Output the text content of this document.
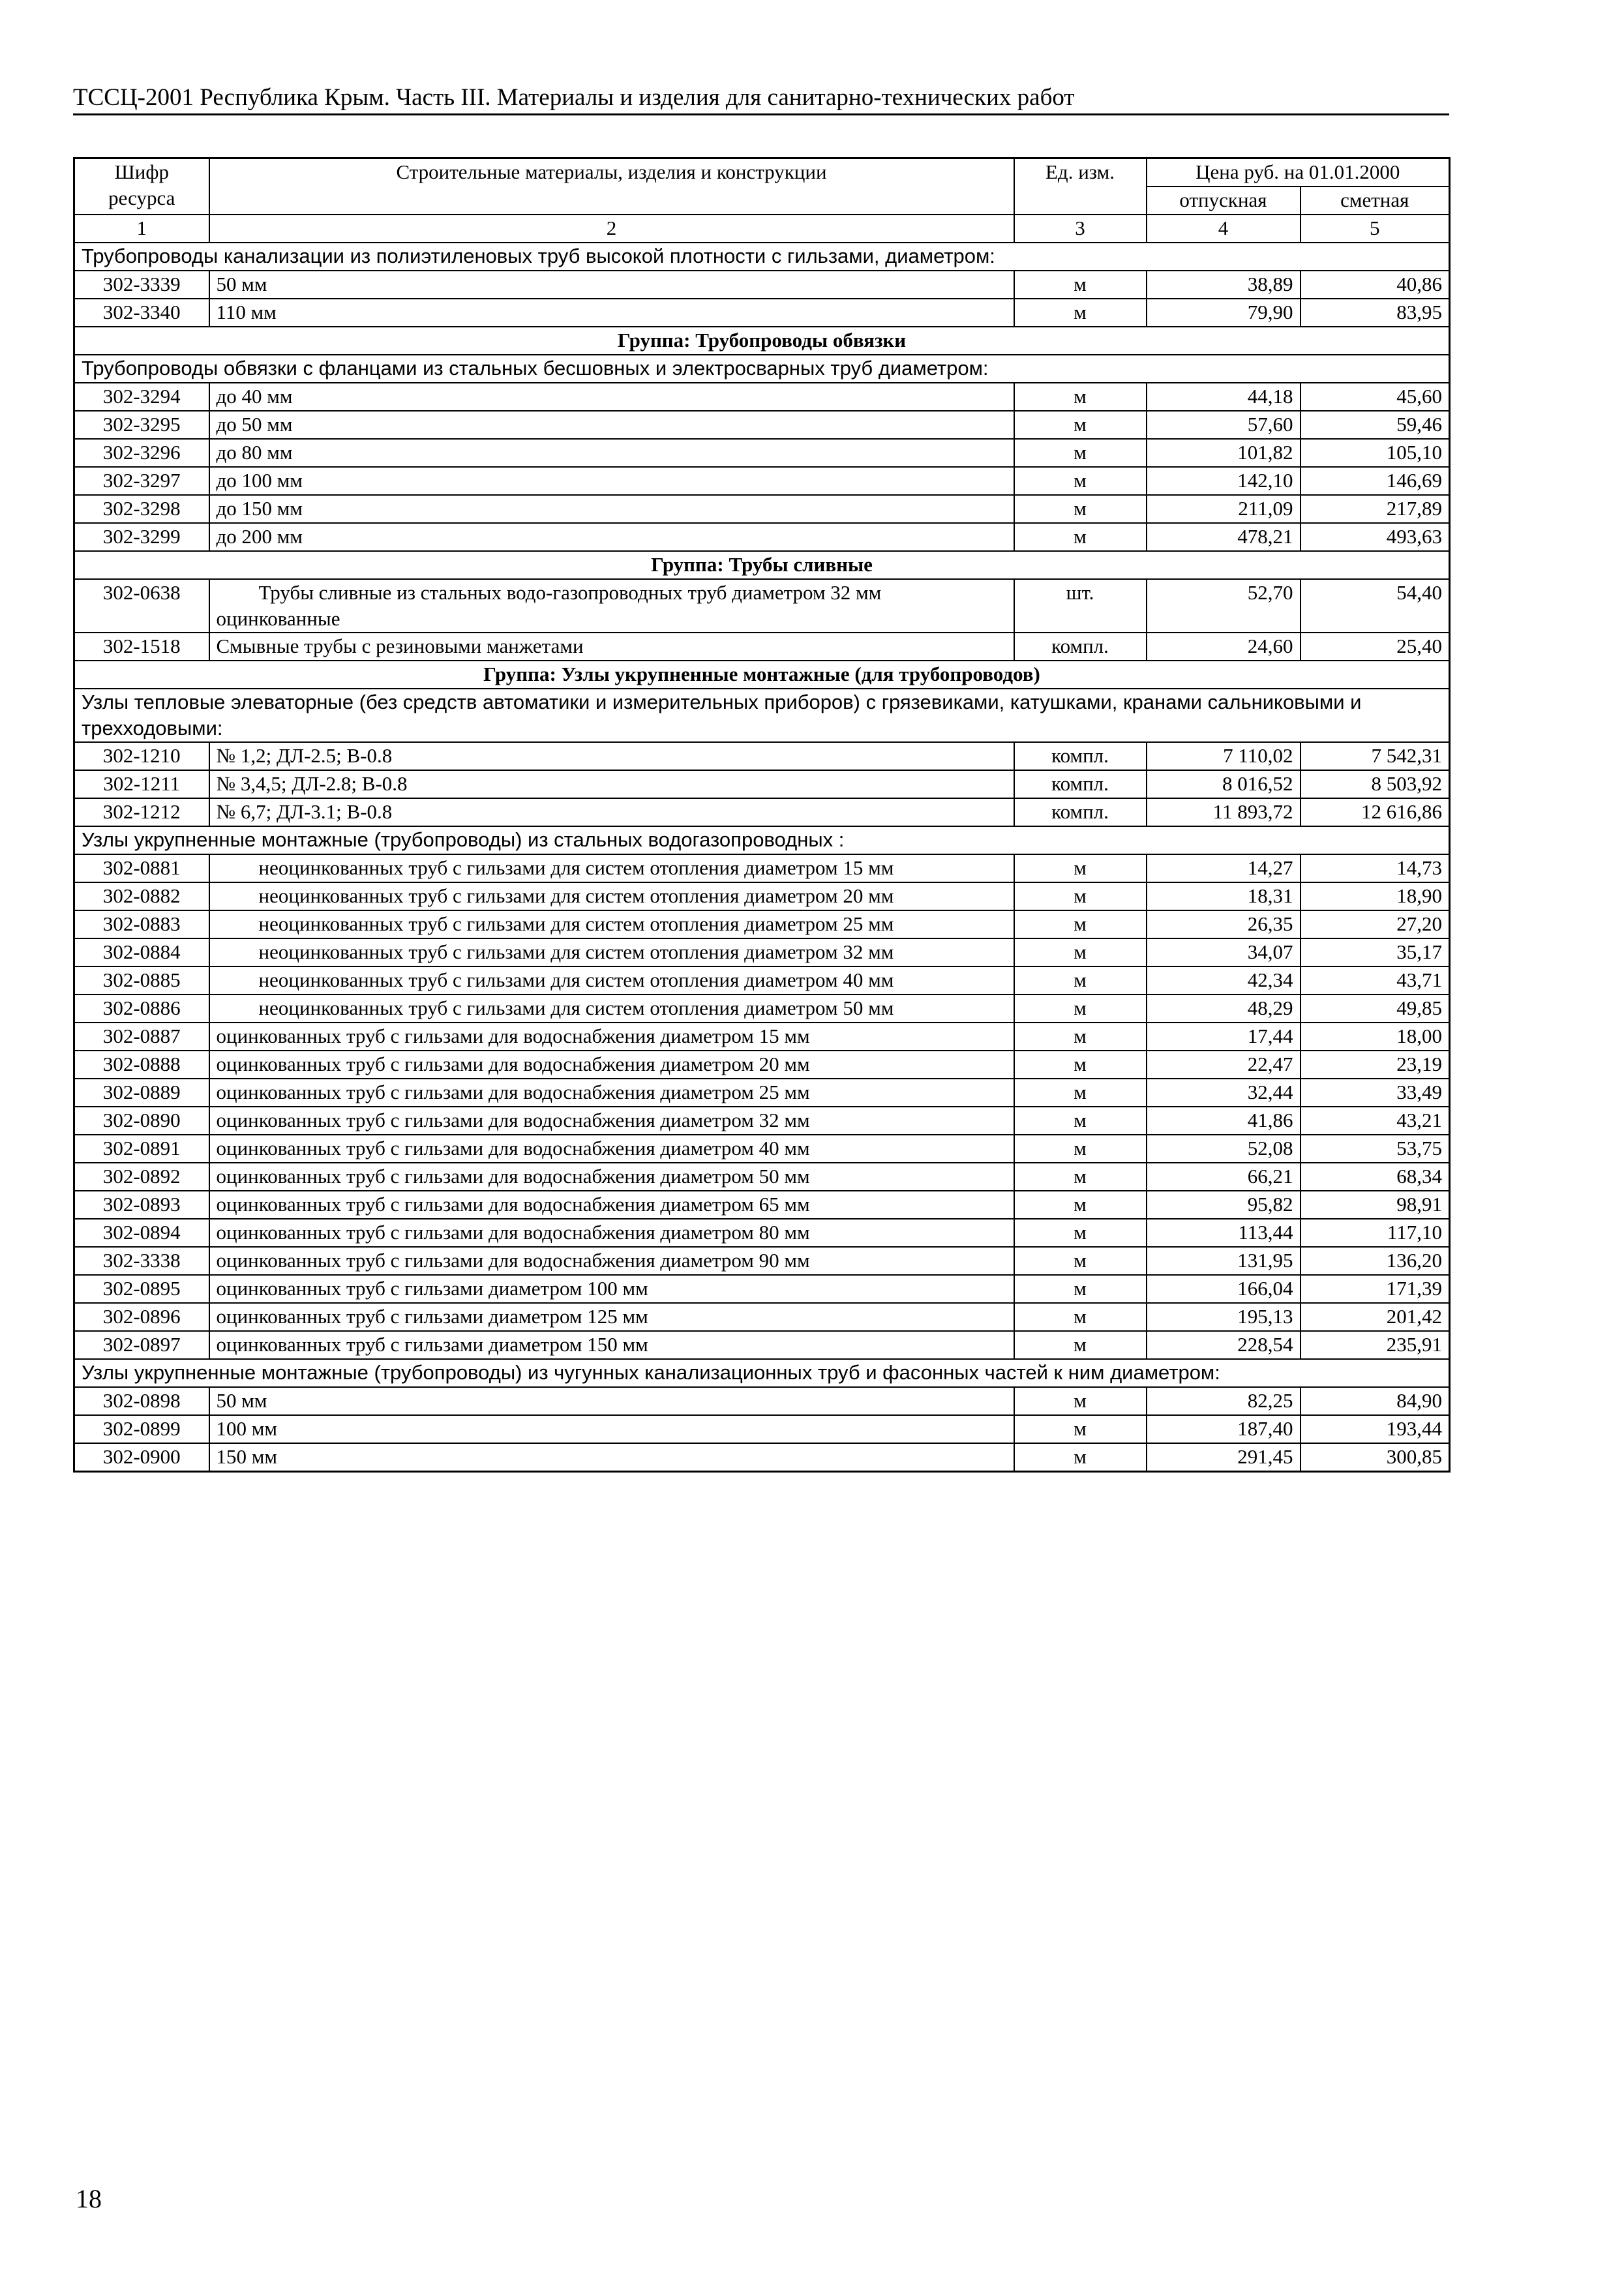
ТССЦ-2001 Республика Крым. Часть III. Материалы и изделия для санитарно-технических работ
Шифр ресурса	Строительные материалы, изделия и конструкции	Ед. изм.	Цена руб. на 01.01.2000	
			отпускная	сметная
1	2	3	4	5
Трубопроводы канализации из полиэтиленовых труб высокой плотности с гильзами, диаметром:				
302-3339	50 мм	м	38,89	40,86
302-3340	110 мм	м	79,90	83,95
Группа: Трубопроводы обвязки				
Трубопроводы обвязки с фланцами из стальных бесшовных и электросварных труб диаметром:				
302-3294	до 40 мм	м	44,18	45,60
302-3295	до 50 мм	м	57,60	59,46
302-3296	до 80 мм	м	101,82	105,10
302-3297	до 100 мм	м	142,10	146,69
302-3298	до 150 мм	м	211,09	217,89
302-3299	до 200 мм	м	478,21	493,63
Группа: Трубы сливные				
302-0638	Трубы сливные из стальных водо-газопроводных труб диаметром 32 мм оцинкованные	шт.	52,70	54,40
302-1518	Смывные трубы с резиновыми манжетами	компл.	24,60	25,40
Группа: Узлы укрупненные монтажные (для трубопроводов)				
Узлы тепловые элеваторные (без средств автоматики и измерительных приборов) с грязевиками, катушками, кранами сальниковыми и трехходовыми:				
302-1210	№ 1,2; ДЛ-2.5; В-0.8	компл.	7 110,02	7 542,31
302-1211	№ 3,4,5; ДЛ-2.8; В-0.8	компл.	8 016,52	8 503,92
302-1212	№ 6,7; ДЛ-3.1; В-0.8	компл.	11 893,72	12 616,86
Узлы укрупненные монтажные (трубопроводы) из стальных водогазопроводных :				
302-0881	неоцинкованных труб с гильзами для систем отопления диаметром 15 мм	м	14,27	14,73
302-0882	неоцинкованных труб с гильзами для систем отопления диаметром 20 мм	м	18,31	18,90
302-0883	неоцинкованных труб с гильзами для систем отопления диаметром 25 мм	м	26,35	27,20
302-0884	неоцинкованных труб с гильзами для систем отопления диаметром 32 мм	м	34,07	35,17
302-0885	неоцинкованных труб с гильзами для систем отопления диаметром 40 мм	м	42,34	43,71
302-0886	неоцинкованных труб с гильзами для систем отопления диаметром 50 мм	м	48,29	49,85
302-0887	оцинкованных труб с гильзами для водоснабжения диаметром 15 мм	м	17,44	18,00
302-0888	оцинкованных труб с гильзами для водоснабжения диаметром 20 мм	м	22,47	23,19
302-0889	оцинкованных труб с гильзами для водоснабжения диаметром 25 мм	м	32,44	33,49
302-0890	оцинкованных труб с гильзами для водоснабжения диаметром 32 мм	м	41,86	43,21
302-0891	оцинкованных труб с гильзами для водоснабжения диаметром 40 мм	м	52,08	53,75
302-0892	оцинкованных труб с гильзами для водоснабжения диаметром 50 мм	м	66,21	68,34
302-0893	оцинкованных труб с гильзами для водоснабжения диаметром 65 мм	м	95,82	98,91
302-0894	оцинкованных труб с гильзами для водоснабжения диаметром 80 мм	м	113,44	117,10
302-3338	оцинкованных труб с гильзами для водоснабжения диаметром 90 мм	м	131,95	136,20
302-0895	оцинкованных труб с гильзами диаметром 100 мм	м	166,04	171,39
302-0896	оцинкованных труб с гильзами диаметром 125 мм	м	195,13	201,42
302-0897	оцинкованных труб с гильзами диаметром 150 мм	м	228,54	235,91
Узлы укрупненные монтажные (трубопроводы) из чугунных канализационных труб и фасонных частей к ним диаметром:				
302-0898	50 мм	м	82,25	84,90
302-0899	100 мм	м	187,40	193,44
302-0900	150 мм	м	291,45	300,85
18
